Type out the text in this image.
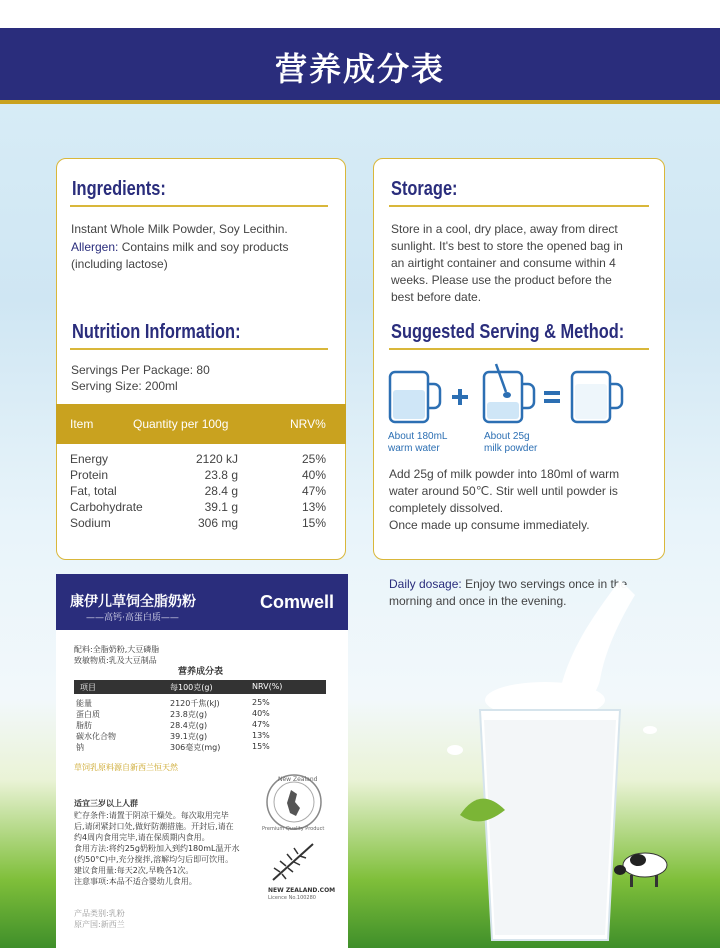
营养成分表
Ingredients:
Instant Whole Milk Powder, Soy Lecithin.
Allergen: Contains milk and soy products
(including lactose)
Nutrition Information:
Servings Per Package: 80
Serving Size: 200ml
Item	Quantity per 100g	NRV%
Energy	2120 kJ	25%
Protein	23.8 g	40%
Fat, total	28.4 g	47%
Carbohydrate	39.1 g	13%
Sodium	306 mg	15%
Storage:
Store in a cool, dry place, away from direct
sunlight. It's best to store the opened bag in
an airtight container and consume within 4
weeks. Please use the product before the
best before date.
Suggested Serving & Method:
About 180mL
warm water
About 25g
milk powder
Add 25g of milk powder into 180ml of warm
water around 50℃. Stir well until powder is
completely dissolved.
Once made up consume immediately.
Daily dosage: Enjoy two servings once in the
morning and once in the evening.
康伊儿草饲全脂奶粉
——高钙·高蛋白质——
Comwell
配料:全脂奶粉,大豆磷脂
致敏物质:乳及大豆制品
营养成分表
项目	每100克(g)	NRV(%)
能量	2120千焦(kJ)	25%
蛋白质	23.8克(g)	40%
脂肪	28.4克(g)	47%
碳水化合物	39.1克(g)	13%
钠	306毫克(mg)	15%
草饲乳原料源自新西兰恒天然
适宜三岁以上人群
贮存条件:请置于阴凉干燥处。每次取用完毕
后,请闭紧封口处,做好防潮措施。开封后,请在
约4周内食用完毕,请在保质期内食用。
食用方法:将约25g奶粉加入到约180mL温开水
(约50°C)中,充分搅拌,溶解均匀后即可饮用。
建议食用量:每天2次,早晚各1次。
注意事项:本品不适合婴幼儿食用。
产品类别:乳粉
原产国:新西兰
New Zealand
Premium Quality Product
NEW ZEALAND.COM
Licence No.100280
